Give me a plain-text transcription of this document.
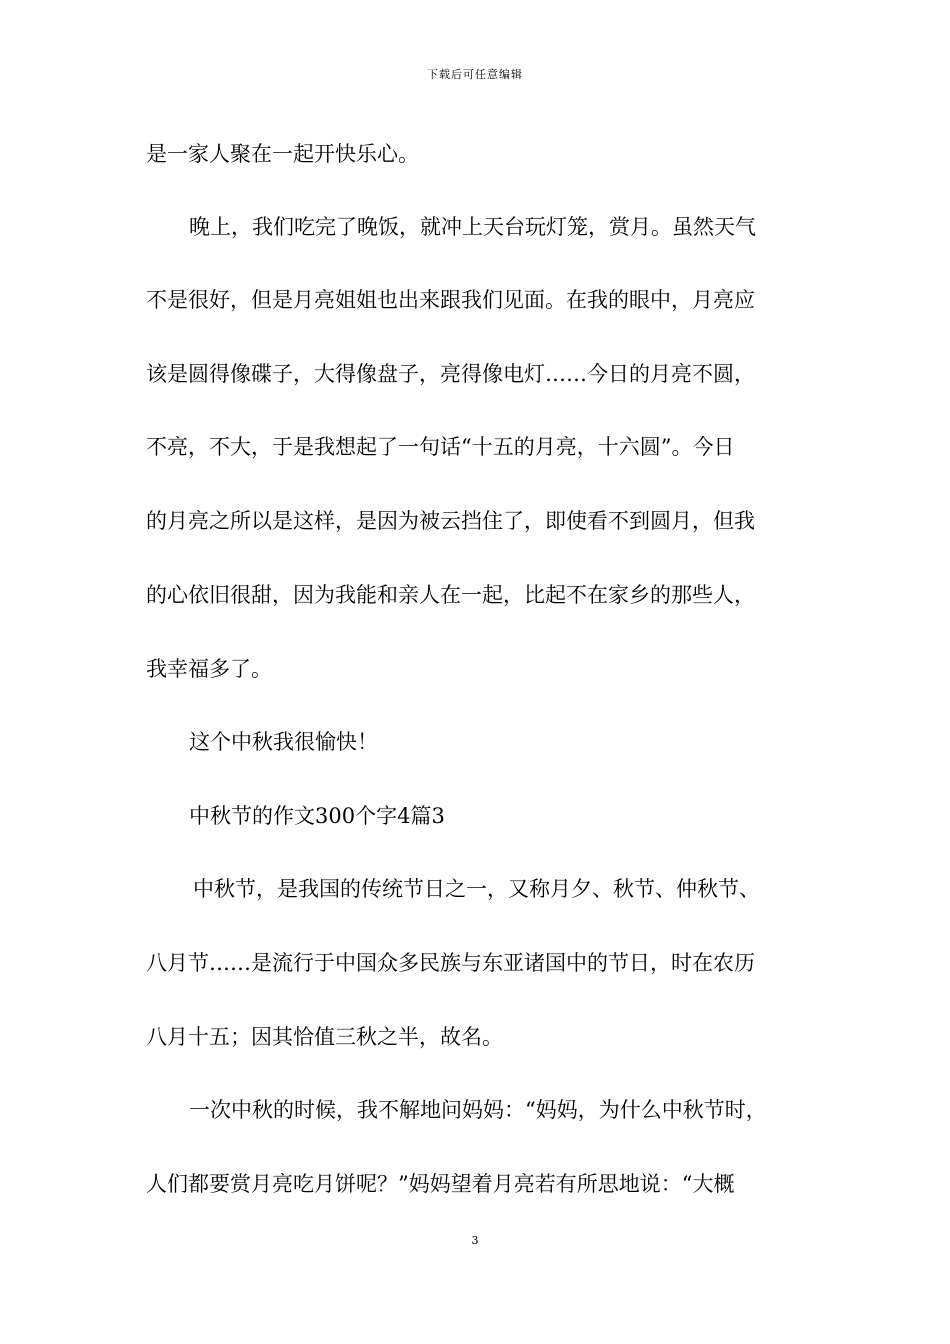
下载后可任意编辑
是一家人聚在一起开快乐心。
晚上，我们吃完了晚饭，就冲上天台玩灯笼，赏月。虽然天气
不是很好，但是月亮姐姐也出来跟我们见面。在我的眼中，月亮应
该是圆得像碟子，大得像盘子，亮得像电灯……今日的月亮不圆，
不亮，不大，于是我想起了一句话“十五的月亮，十六圆”。今日
的月亮之所以是这样，是因为被云挡住了，即使看不到圆月，但我
的心依旧很甜，因为我能和亲人在一起，比起不在家乡的那些人，
我幸福多了。
这个中秋我很愉快！
中秋节的作文300个字4篇3
中秋节，是我国的传统节日之一，又称月夕、秋节、仲秋节、
八月节……是流行于中国众多民族与东亚诸国中的节日，时在农历
八月十五；因其恰值三秋之半，故名。
一次中秋的时候，我不解地问妈妈：“妈妈，为什么中秋节时，
人们都要赏月亮吃月饼呢？”妈妈望着月亮若有所思地说：“大概
3
